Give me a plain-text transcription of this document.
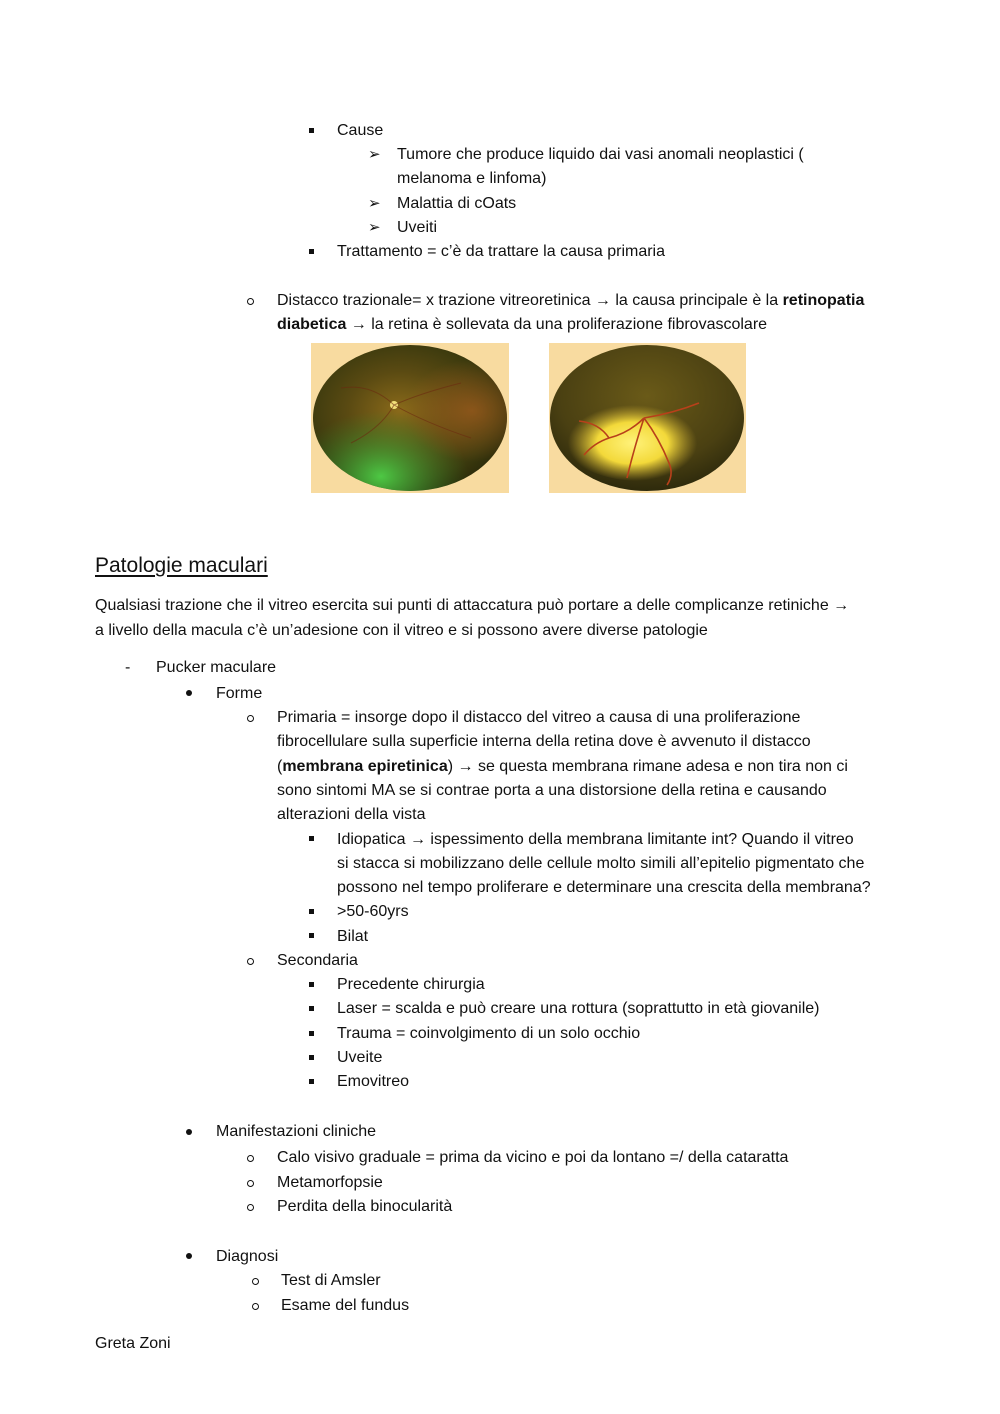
Cause
➢ Tumore che produce liquido dai vasi anomali neoplastici (
melanoma e linfoma)
➢ Malattia di cOats
➢ Uveiti
Trattamento = c’è da trattare la causa primaria
Distacco trazionale= x trazione vitreoretinica → la causa principale è la retinopatia
diabetica → la retina è sollevata da una proliferazione fibrovascolare
Patologie maculari
Qualsiasi trazione che il vitreo esercita sui punti di attaccatura può portare a delle complicanze retiniche →
a livello della macula c’è un’adesione con il vitreo e si possono avere diverse patologie
- Pucker maculare
Forme
Primaria = insorge dopo il distacco del vitreo a causa di una proliferazione
fibrocellulare sulla superficie interna della retina dove è avvenuto il distacco
(membrana epiretinica) → se questa membrana rimane adesa e non tira non ci
sono sintomi MA se si contrae porta a una distorsione della retina e causando
alterazioni della vista
Idiopatica → ispessimento della membrana limitante int? Quando il vitreo
si stacca si mobilizzano delle cellule molto simili all’epitelio pigmentato che
possono nel tempo proliferare e determinare una crescita della membrana?
>50-60yrs
Bilat
Secondaria
Precedente chirurgia
Laser = scalda e può creare una rottura (soprattutto in età giovanile)
Trauma = coinvolgimento di un solo occhio
Uveite
Emovitreo
Manifestazioni cliniche
Calo visivo graduale = prima da vicino e poi da lontano =/ della cataratta
Metamorfopsie
Perdita della binocularità
Diagnosi
Test di Amsler
Esame del fundus
Greta Zoni
